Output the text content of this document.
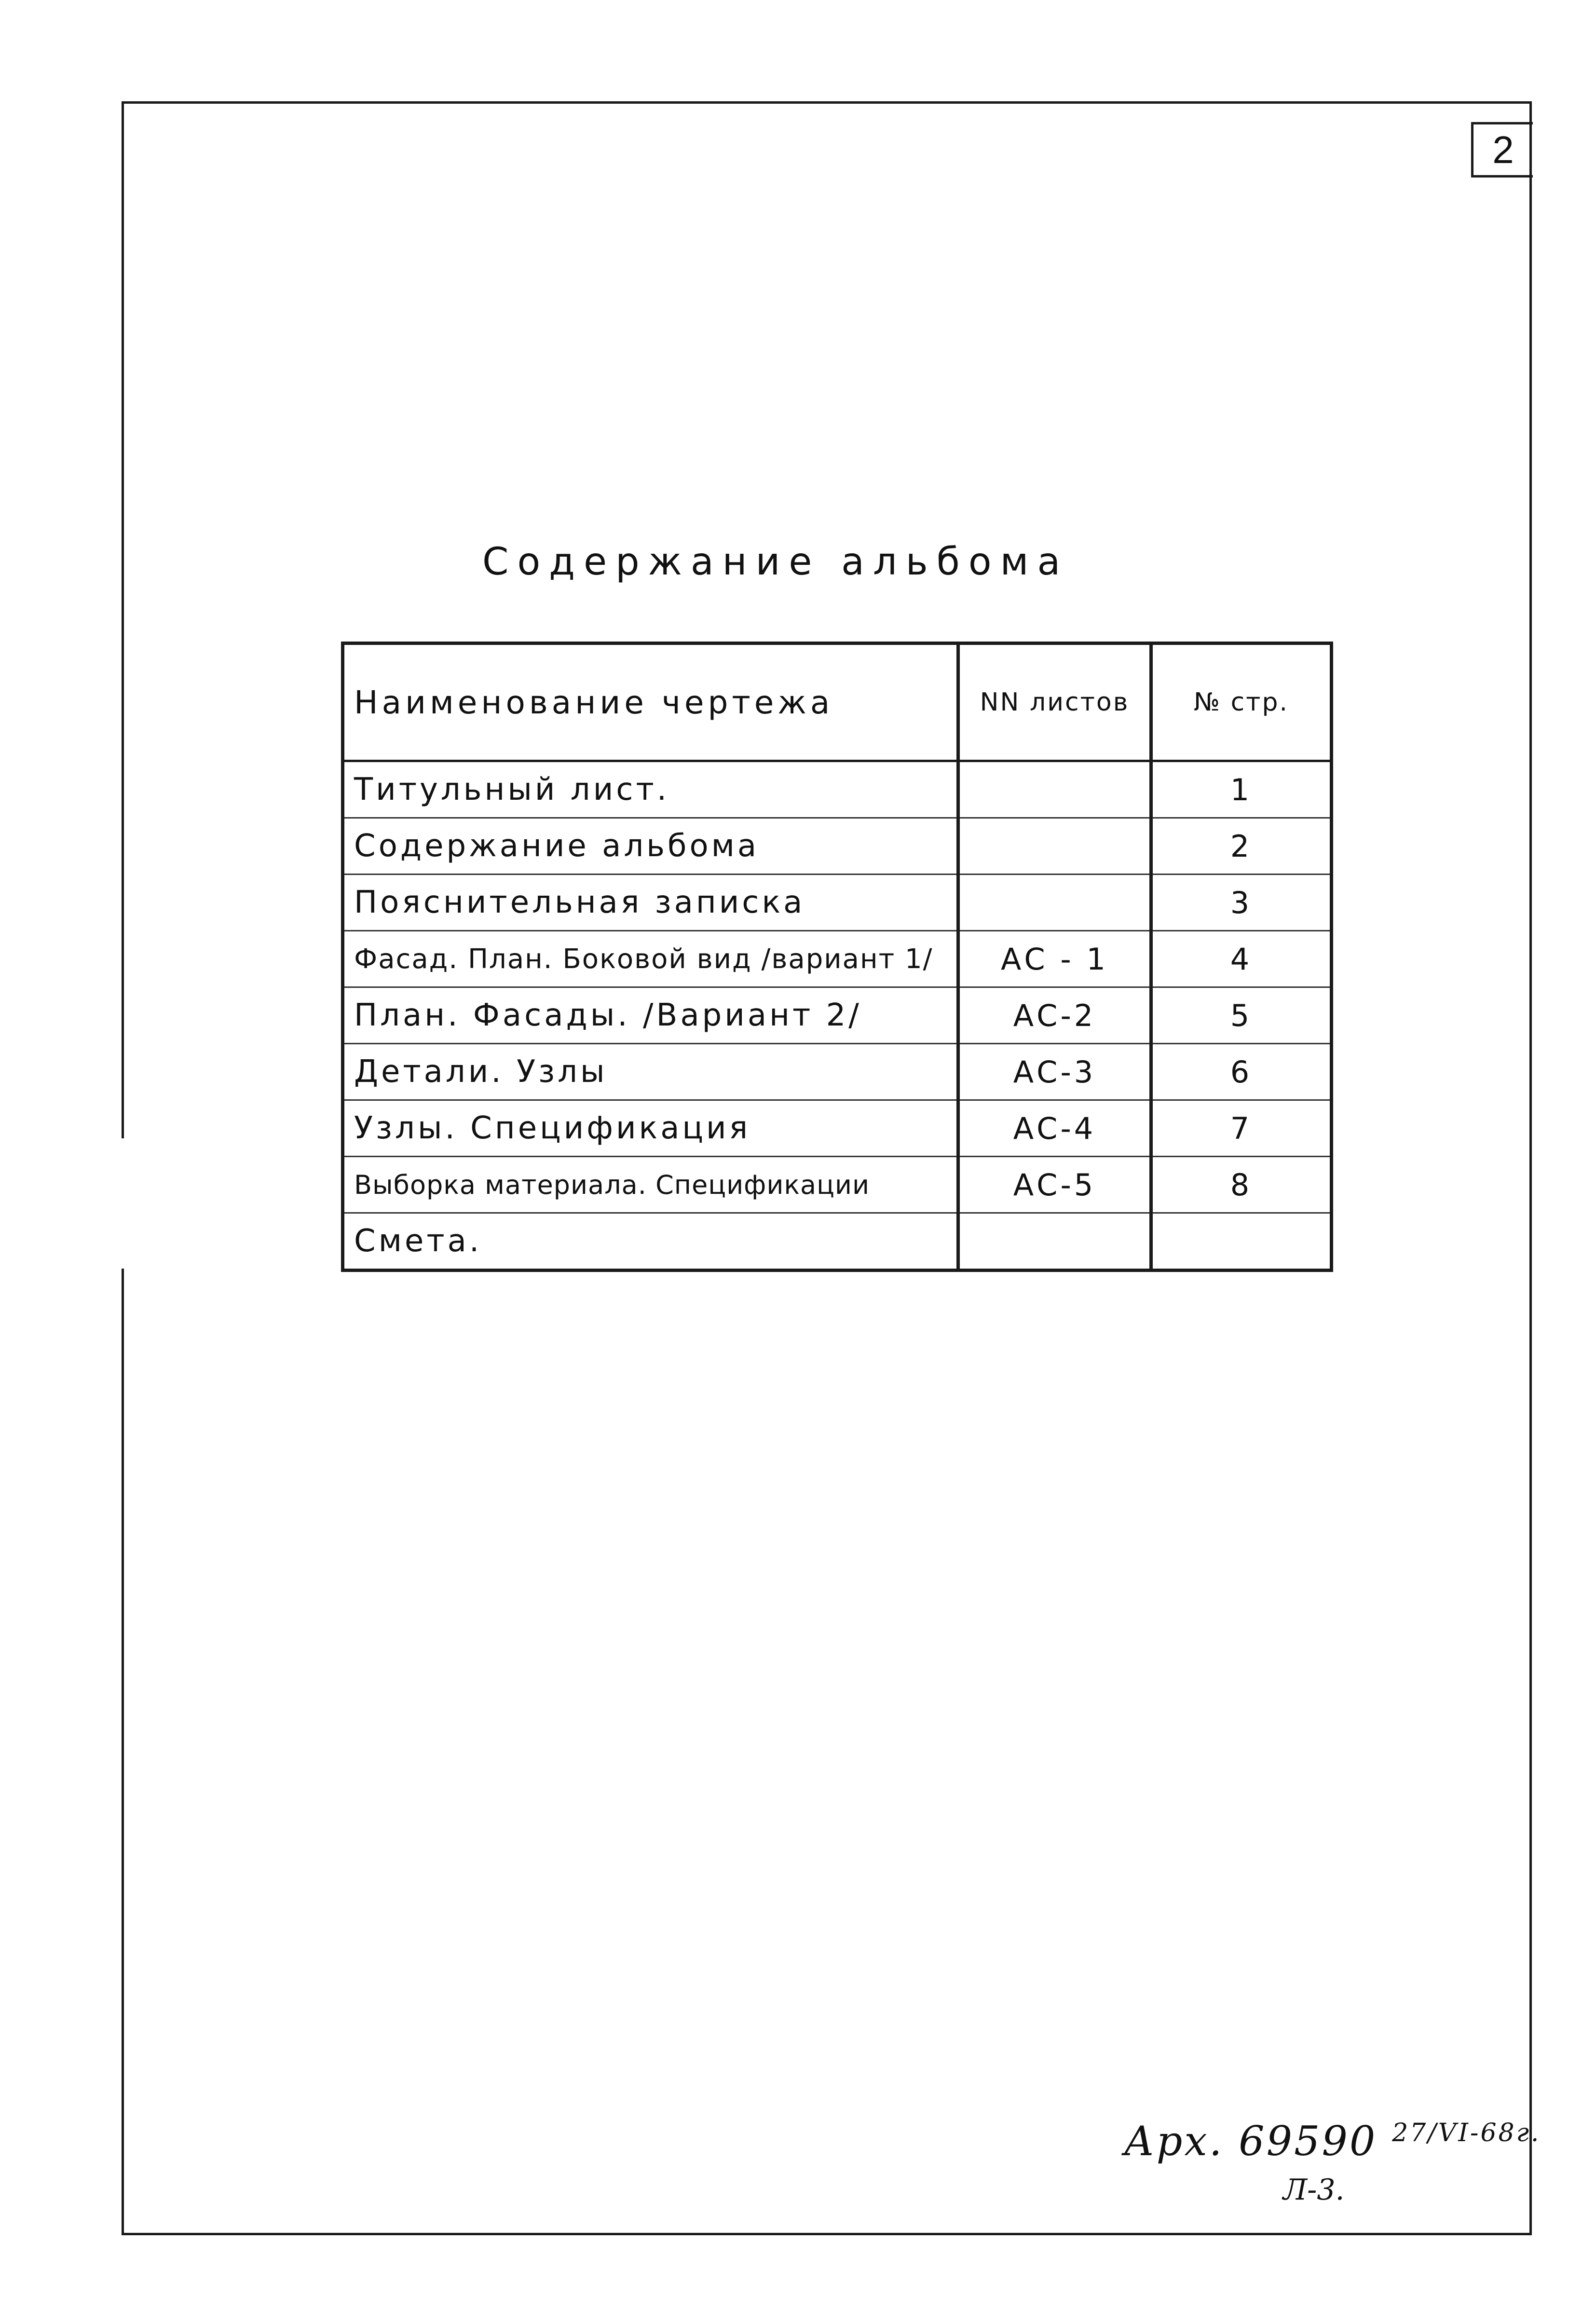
2
Содержание альбома
Наименование чертежа	NN листов	№ стр.
Титульный лист.		1
Содержание альбома		2
Пояснительная записка		3
Фасад. План. Боковой вид /вариант 1/	АС - 1	4
План. Фасады. /Вариант 2/	АС-2	5
Детали. Узлы	АС-3	6
Узлы. Спецификация	АС-4	7
Выборка материала. Спецификации	АС-5	8
Смета.		
Арх. 69590 $^{27/VI-68г.}$
Л-3.
